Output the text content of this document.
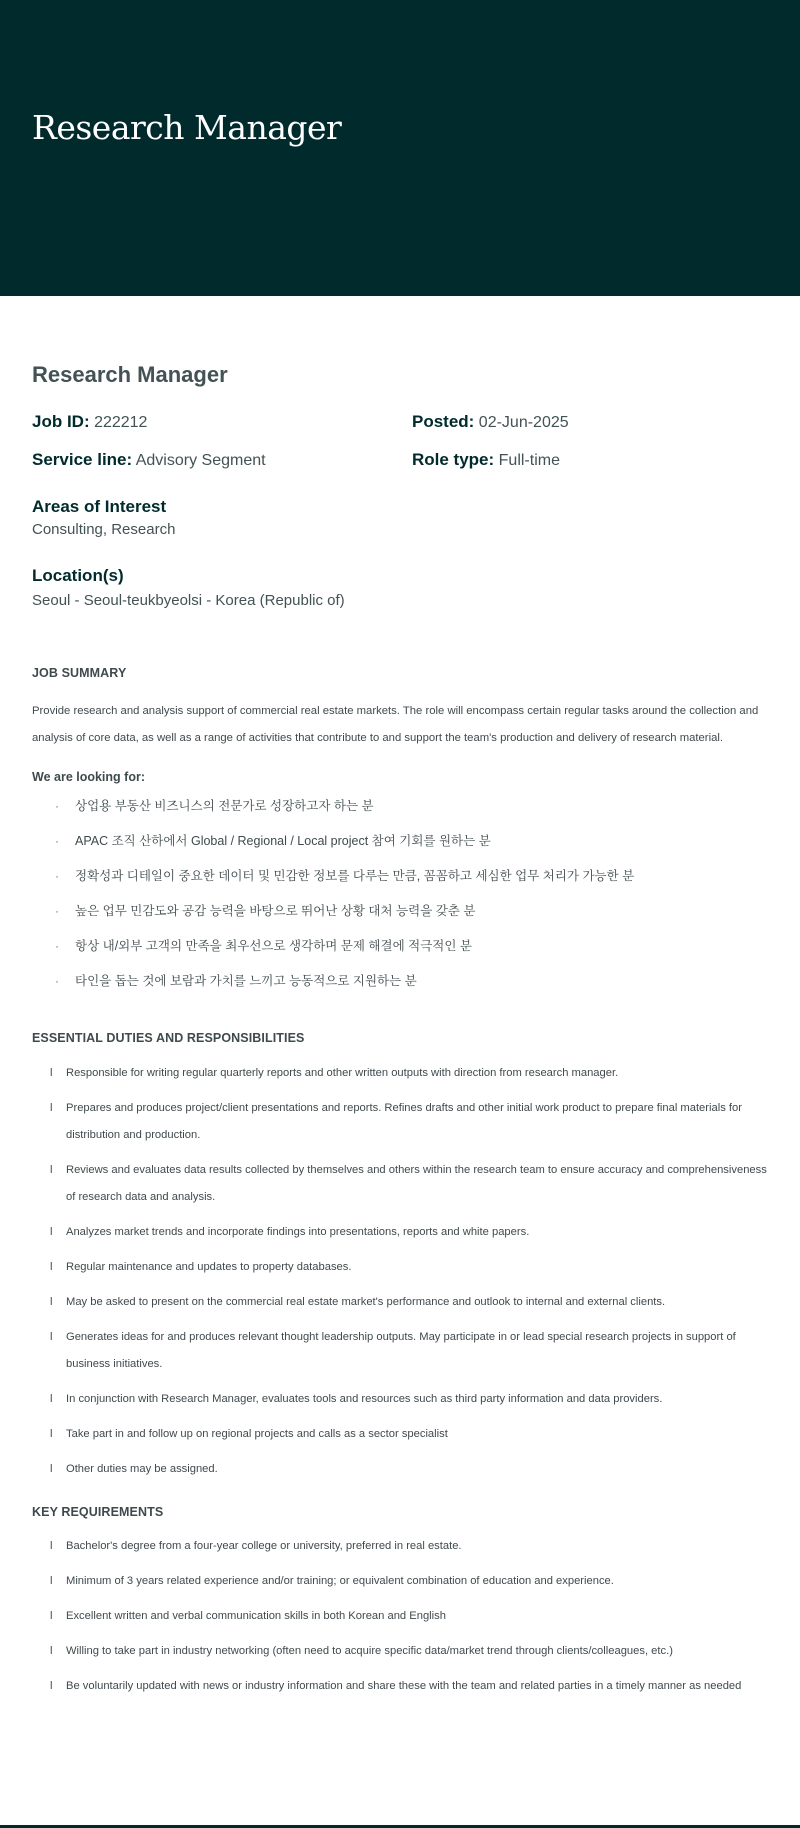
Research Manager
Research Manager
Job ID: 222212	Posted: 02-Jun-2025
Service line: Advisory Segment	Role type: Full-time
Areas of Interest
Consulting, Research
Location(s)
Seoul - Seoul-teukbyeolsi - Korea (Republic of)
JOB SUMMARY

Provide research and analysis support of commercial real estate markets. The role will encompass certain regular tasks around the collection and analysis of core data, as well as a range of activities that contribute to and support the team's production and delivery of research material.

We are looking for:
· 상업용 부동산 비즈니스의 전문가로 성장하고자 하는 분
· APAC 조직 산하에서 Global / Regional / Local project 참여 기회를 원하는 분
· 정확성과 디테일이 중요한 데이터 및 민감한 정보를 다루는 만큼, 꼼꼼하고 세심한 업무 처리가 가능한 분
· 높은 업무 민감도와 공감 능력을 바탕으로 뛰어난 상황 대처 능력을 갖춘 분
· 항상 내/외부 고객의 만족을 최우선으로 생각하며 문제 해결에 적극적인 분
· 타인을 돕는 것에 보람과 가치를 느끼고 능동적으로 지원하는 분
ESSENTIAL DUTIES AND RESPONSIBILITIES
l Responsible for writing regular quarterly reports and other written outputs with direction from research manager.
l Prepares and produces project/client presentations and reports. Refines drafts and other initial work product to prepare final materials for distribution and production.
l Reviews and evaluates data results collected by themselves and others within the research team to ensure accuracy and comprehensiveness of research data and analysis.
l Analyzes market trends and incorporate findings into presentations, reports and white papers.
l Regular maintenance and updates to property databases.
l May be asked to present on the commercial real estate market's performance and outlook to internal and external clients.
l Generates ideas for and produces relevant thought leadership outputs. May participate in or lead special research projects in support of business initiatives.
l In conjunction with Research Manager, evaluates tools and resources such as third party information and data providers.
l Take part in and follow up on regional projects and calls as a sector specialist
l Other duties may be assigned.
KEY REQUIREMENTS
l Bachelor's degree from a four-year college or university, preferred in real estate.
l Minimum of 3 years related experience and/or training; or equivalent combination of education and experience.
l Excellent written and verbal communication skills in both Korean and English
l Willing to take part in industry networking (often need to acquire specific data/market trend through clients/colleagues, etc.)
l Be voluntarily updated with news or industry information and share these with the team and related parties in a timely manner as needed
